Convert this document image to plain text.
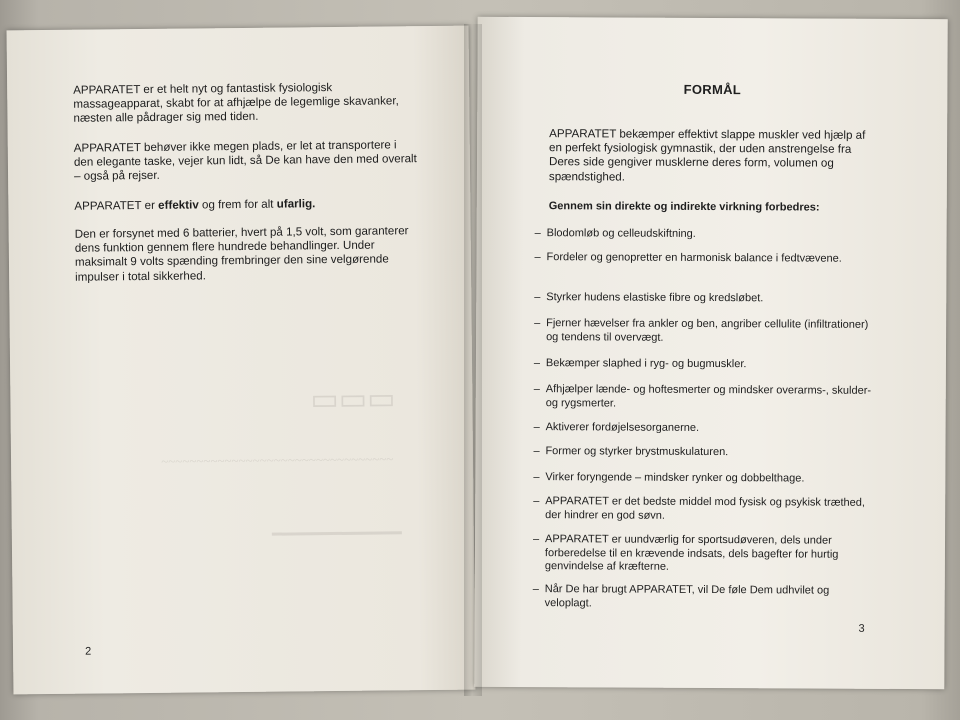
▭▭▭
~~~~~~~~~~~~~~~~~~~~~~~~~~~~~~~~~
▬▬▬▬▬▬▬▬▬▬▬▬▬

APPARATET er et helt nyt og fantastisk fysiologisk massageapparat, skabt for at afhjælpe de legemlige skavanker, næsten alle pådrager sig med tiden.

APPARATET behøver ikke megen plads, er let at transportere i den elegante taske, vejer kun lidt, så De kan have den med overalt – også på rejser.

APPARATET er effektiv og frem for alt ufarlig.

Den er forsynet med 6 batterier, hvert på 1,5 volt, som garanterer dens funktion gennem flere hundrede behandlinger. Under maksimalt 9 volts spænding frembringer den sine velgørende impulser i total sikkerhed.

2
FORMÅL

APPARATET bekæmper effektivt slappe muskler ved hjælp af en perfekt fysiologisk gymnastik, der uden anstrengelse fra Deres side gengiver musklerne deres form, volumen og spændstighed.

Gennem sin direkte og indirekte virkning forbedres:

– Blodomløb og celleudskiftning.
– Fordeler og genopretter en harmonisk balance i fedtvævene.
– Styrker hudens elastiske fibre og kredsløbet.
– Fjerner hævelser fra ankler og ben, angriber cellulite (infiltrationer) og tendens til overvægt.
– Bekæmper slaphed i ryg- og bugmuskler.
– Afhjælper lænde- og hoftesmerter og mindsker overarms-, skulder- og rygsmerter.
– Aktiverer fordøjelsesorganerne.
– Former og styrker brystmuskulaturen.
– Virker foryngende – mindsker rynker og dobbelthage.
– APPARATET er det bedste middel mod fysisk og psykisk træthed, der hindrer en god søvn.
– APPARATET er uundværlig for sportsudøveren, dels under forberedelse til en krævende indsats, dels bagefter for hurtig genvindelse af kræfterne.
– Når De har brugt APPARATET, vil De føle Dem udhvilet og veloplagt.
3
